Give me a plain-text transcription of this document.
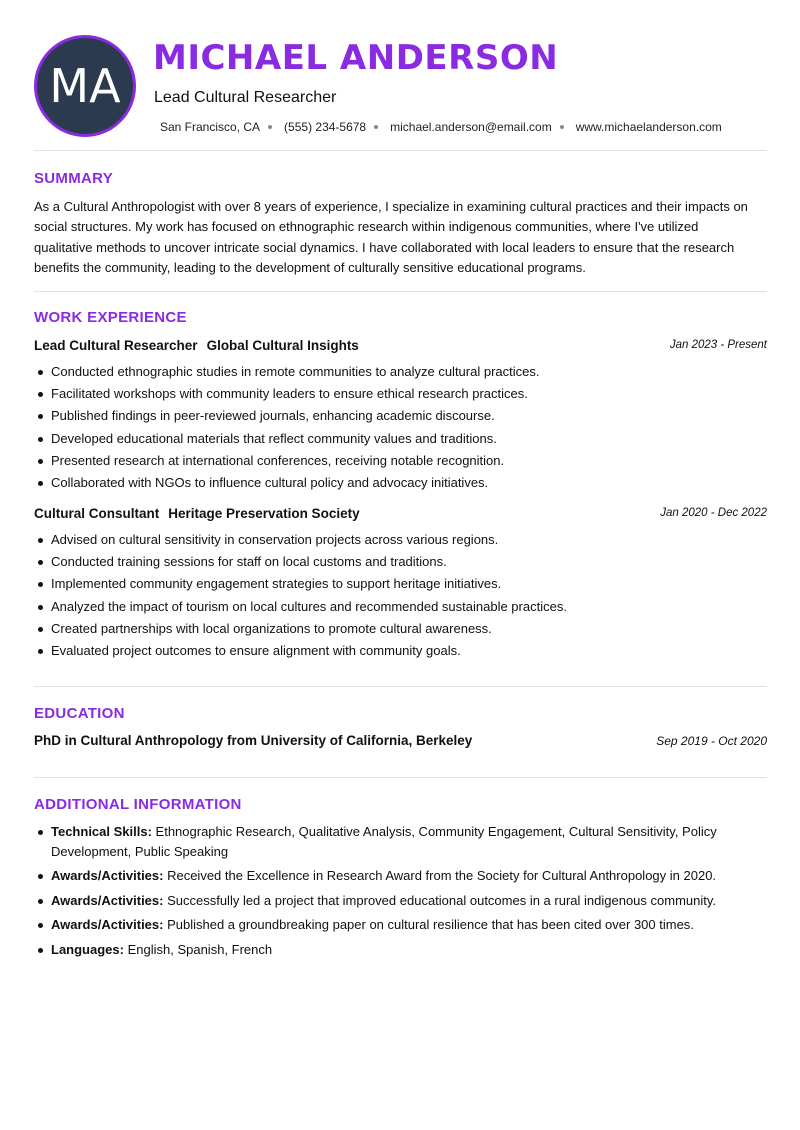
MA
MICHAEL ANDERSON
Lead Cultural Researcher
San Francisco, CA (555) 234-5678 michael.anderson@email.com www.michaelanderson.com
SUMMARY
As a Cultural Anthropologist with over 8 years of experience, I specialize in examining cultural practices and their impacts on social structures. My work has focused on ethnographic research within indigenous communities, where I've utilized qualitative methods to uncover intricate social dynamics. I have collaborated with local leaders to ensure that the research benefits the community, leading to the development of culturally sensitive educational programs.
WORK EXPERIENCE
Lead Cultural Researcher Global Cultural Insights	Jan 2023 - Present
Conducted ethnographic studies in remote communities to analyze cultural practices.
Facilitated workshops with community leaders to ensure ethical research practices.
Published findings in peer-reviewed journals, enhancing academic discourse.
Developed educational materials that reflect community values and traditions.
Presented research at international conferences, receiving notable recognition.
Collaborated with NGOs to influence cultural policy and advocacy initiatives.
Cultural Consultant Heritage Preservation Society	Jan 2020 - Dec 2022
Advised on cultural sensitivity in conservation projects across various regions.
Conducted training sessions for staff on local customs and traditions.
Implemented community engagement strategies to support heritage initiatives.
Analyzed the impact of tourism on local cultures and recommended sustainable practices.
Created partnerships with local organizations to promote cultural awareness.
Evaluated project outcomes to ensure alignment with community goals.
EDUCATION
PhD in Cultural Anthropology from University of California, Berkeley	Sep 2019 - Oct 2020
ADDITIONAL INFORMATION
Technical Skills: Ethnographic Research, Qualitative Analysis, Community Engagement, Cultural Sensitivity, Policy Development, Public Speaking
Awards/Activities: Received the Excellence in Research Award from the Society for Cultural Anthropology in 2020.
Awards/Activities: Successfully led a project that improved educational outcomes in a rural indigenous community.
Awards/Activities: Published a groundbreaking paper on cultural resilience that has been cited over 300 times.
Languages: English, Spanish, French
